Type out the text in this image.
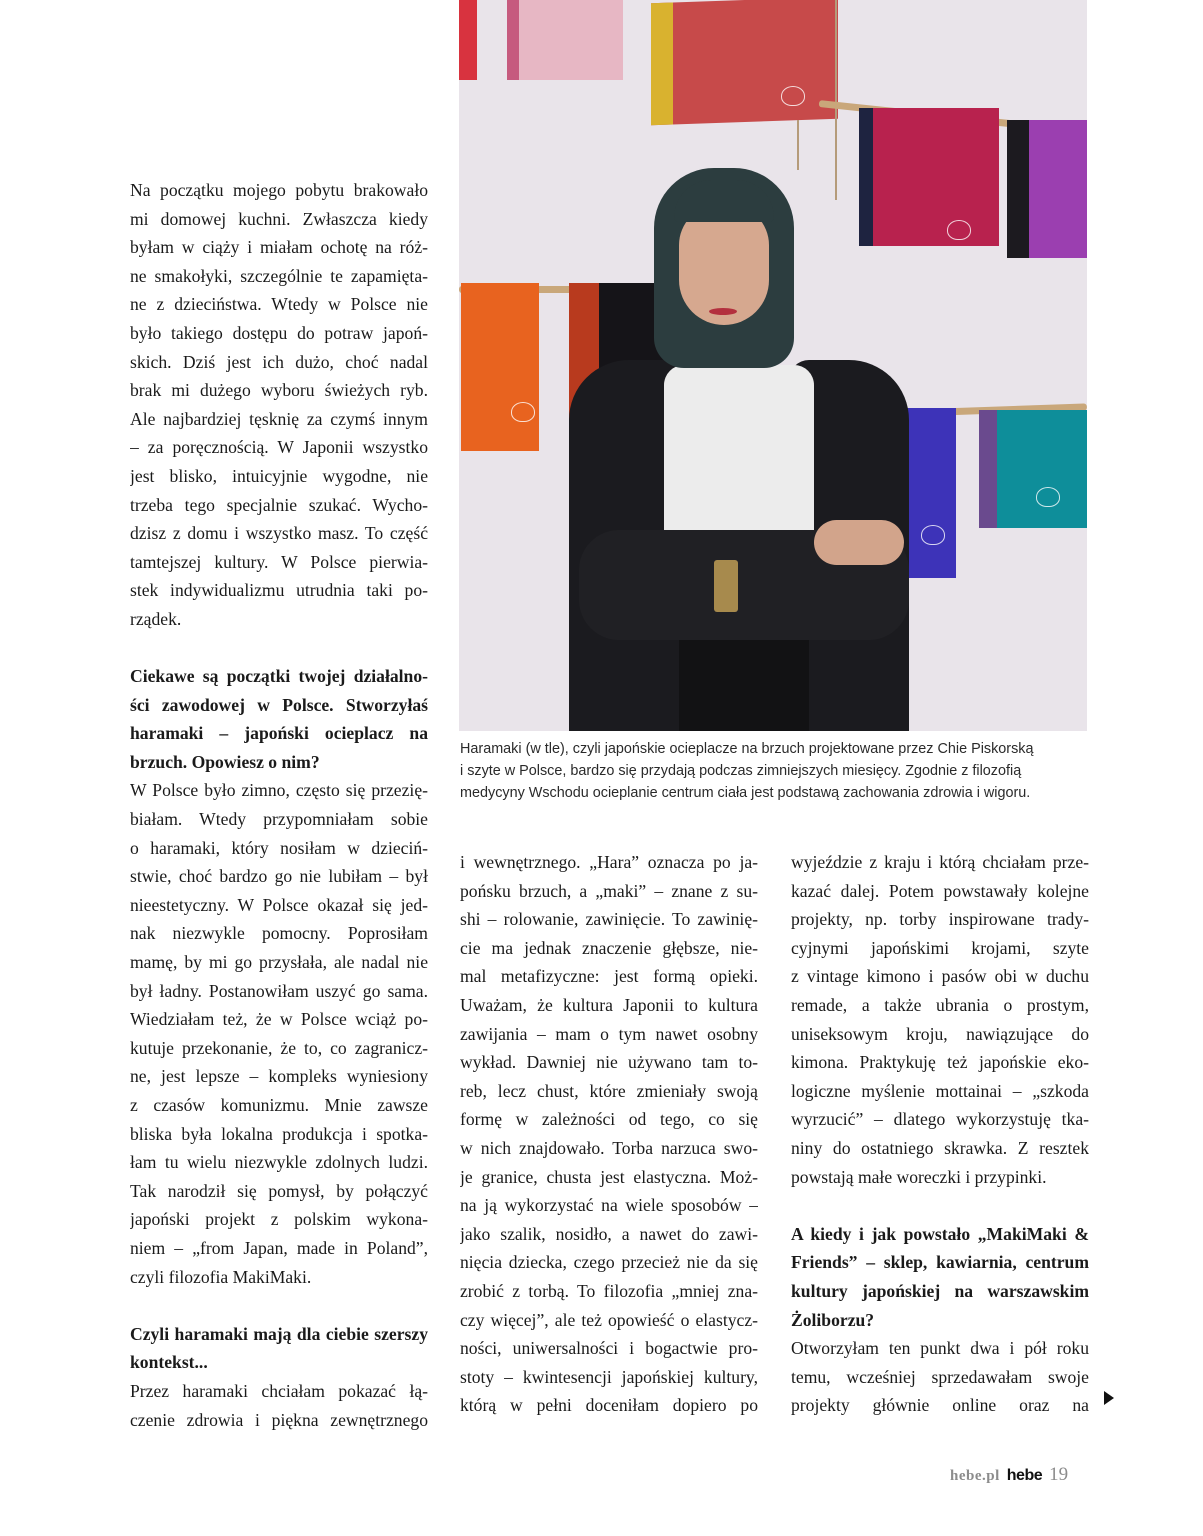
Haramaki (w tle), czyli japońskie ocieplacze na brzuch projektowane przez Chie Piskorską
i szyte w Polsce, bardzo się przydają podczas zimniejszych miesięcy. Zgodnie z filozofią
medycyny Wschodu ocieplanie centrum ciała jest podstawą zachowania zdrowia i wigoru.

Na początku mojego pobytu brakowało
mi domowej kuchni. Zwłaszcza kiedy
byłam w ciąży i miałam ochotę na róż-
ne smakołyki, szczególnie te zapamięta-
ne z dzieciństwa. Wtedy w Polsce nie
było takiego dostępu do potraw japoń-
skich. Dziś jest ich dużo, choć nadal
brak mi dużego wyboru świeżych ryb.
Ale najbardziej tęsknię za czymś innym
– za poręcznością. W Japonii wszystko
jest blisko, intuicyjnie wygodne, nie
trzeba tego specjalnie szukać. Wycho-
dzisz z domu i wszystko masz. To część
tamtejszej kultury. W Polsce pierwia-
stek indywidualizmu utrudnia taki po-
rządek.

Ciekawe są początki twojej działalno-
ści zawodowej w Polsce. Stworzyłaś
haramaki – japoński ocieplacz na
brzuch. Opowiesz o nim?

W Polsce było zimno, często się przezię-
białam. Wtedy przypomniałam sobie
o haramaki, który nosiłam w dzieciń-
stwie, choć bardzo go nie lubiłam – był
nieestetyczny. W Polsce okazał się jed-
nak niezwykle pomocny. Poprosiłam
mamę, by mi go przysłała, ale nadal nie
był ładny. Postanowiłam uszyć go sama.
Wiedziałam też, że w Polsce wciąż po-
kutuje przekonanie, że to, co zagranicz-
ne, jest lepsze – kompleks wyniesiony
z czasów komunizmu. Mnie zawsze
bliska była lokalna produkcja i spotka-
łam tu wielu niezwykle zdolnych ludzi.
Tak narodził się pomysł, by połączyć
japoński projekt z polskim wykona-
niem – „from Japan, made in Poland”,
czyli filozofia MakiMaki.

Czyli haramaki mają dla ciebie szerszy
kontekst...

Przez haramaki chciałam pokazać łą-
czenie zdrowia i piękna zewnętrznego

i wewnętrznego. „Hara” oznacza po ja-
pońsku brzuch, a „maki” – znane z su-
shi – rolowanie, zawinięcie. To zawinię-
cie ma jednak znaczenie głębsze, nie-
mal metafizyczne: jest formą opieki.
Uważam, że kultura Japonii to kultura
zawijania – mam o tym nawet osobny
wykład. Dawniej nie używano tam to-
reb, lecz chust, które zmieniały swoją
formę w zależności od tego, co się
w nich znajdowało. Torba narzuca swo-
je granice, chusta jest elastyczna. Moż-
na ją wykorzystać na wiele sposobów –
jako szalik, nosidło, a nawet do zawi-
nięcia dziecka, czego przecież nie da się
zrobić z torbą. To filozofia „mniej zna-
czy więcej”, ale też opowieść o elastycz-
ności, uniwersalności i bogactwie pro-
stoty – kwintesencji japońskiej kultury,
którą w pełni doceniłam dopiero po

wyjeździe z kraju i którą chciałam prze-
kazać dalej. Potem powstawały kolejne
projekty, np. torby inspirowane trady-
cyjnymi japońskimi krojami, szyte
z vintage kimono i pasów obi w duchu
remade, a także ubrania o prostym,
uniseksowym kroju, nawiązujące do
kimona. Praktykuję też japońskie eko-
logiczne myślenie mottainai – „szkoda
wyrzucić” – dlatego wykorzystuję tka-
niny do ostatniego skrawka. Z resztek
powstają małe woreczki i przypinki.

A kiedy i jak powstało „MakiMaki &
Friends” – sklep, kawiarnia, centrum
kultury japońskiej na warszawskim
Żoliborzu?

Otworzyłam ten punkt dwa i pół roku
temu, wcześniej sprzedawałam swoje
projekty głównie online oraz na

hebe.pl hebe 19
